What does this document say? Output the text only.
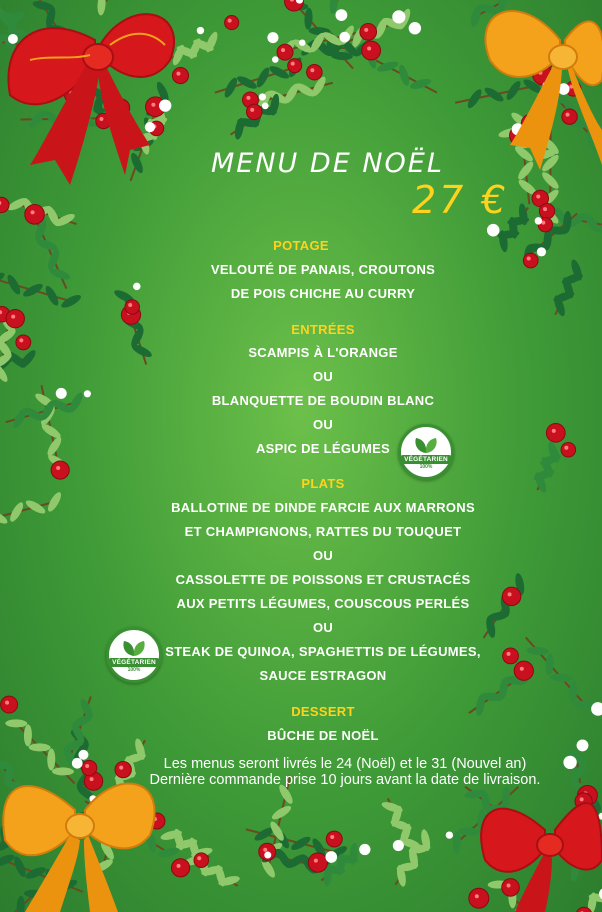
MENU DE NOËL
27 €
POTAGE
VELOUTÉ DE PANAIS, CROUTONS
DE POIS CHICHE AU CURRY
ENTRÉES
SCAMPIS À L'ORANGE
OU
BLANQUETTE DE BOUDIN BLANC
OU
ASPIC DE LÉGUMES
PLATS
BALLOTINE DE DINDE FARCIE AUX MARRONS
ET CHAMPIGNONS, RATTES DU TOUQUET
OU
CASSOLETTE DE POISSONS ET CRUSTACÉS
AUX PETITS LÉGUMES, COUSCOUS PERLÉS
OU
STEAK DE QUINOA, SPAGHETTIS DE LÉGUMES,
SAUCE ESTRAGON
DESSERT
BÛCHE DE NOËL
Les menus seront livrés le 24 (Noël) et le 31 (Nouvel an)
Dernière commande prise 10 jours avant la date de livraison.
VÉGÉTARIEN
100%
VÉGÉTARIEN
100%
